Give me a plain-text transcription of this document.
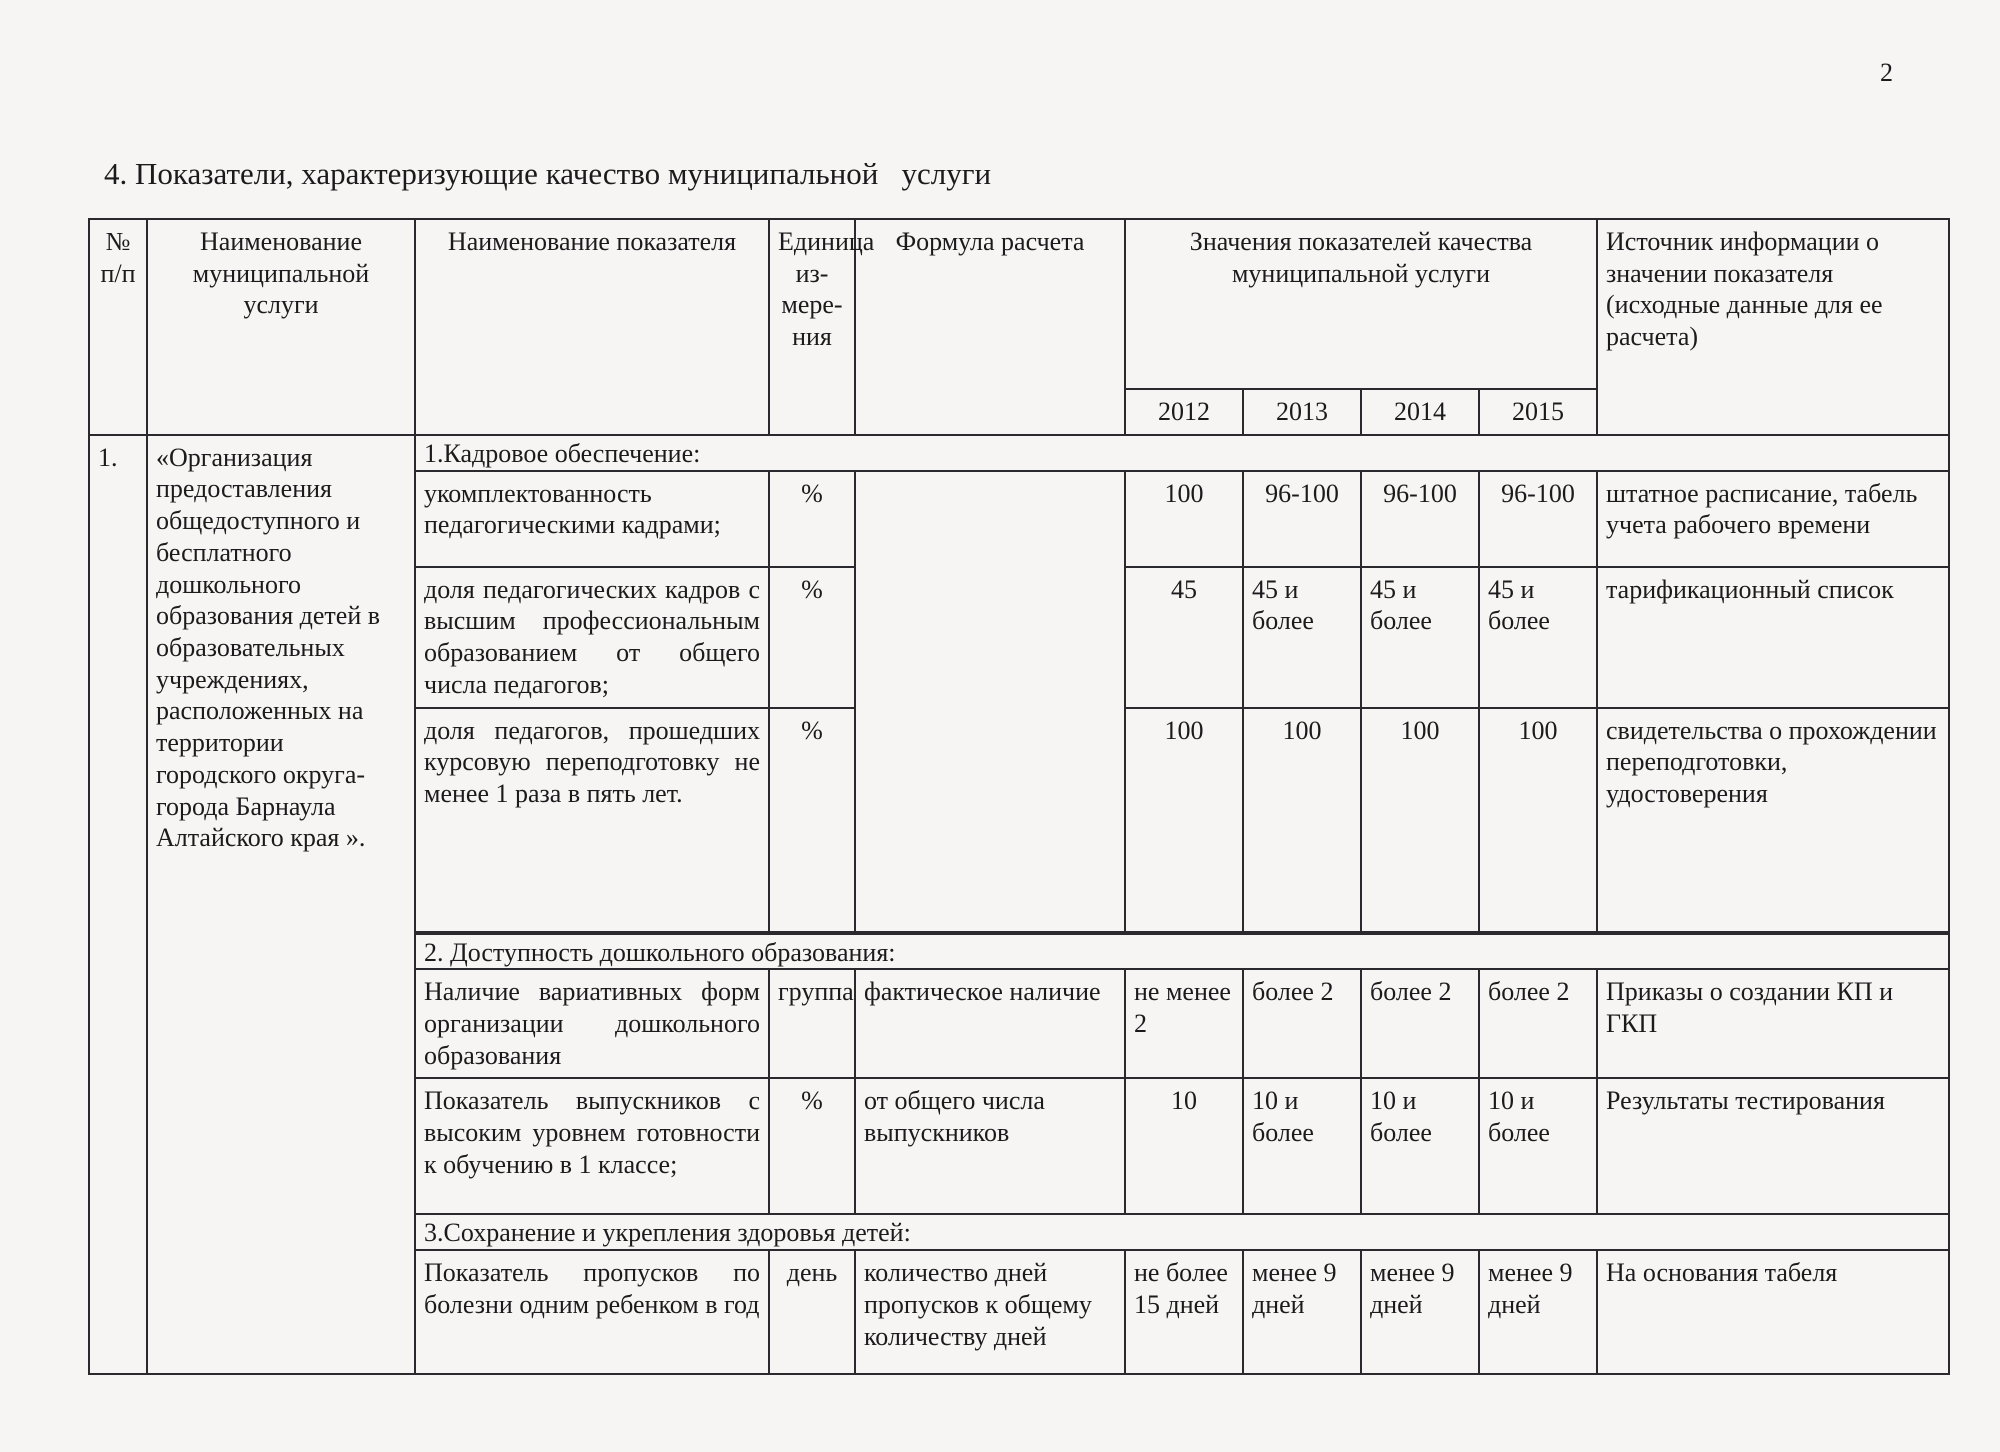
2
4. Показатели, характеризующие качество муниципальной   услуги
№ п/п	Наименование муниципальной услуги	Наименование показателя	Единица из-мере-ния	Формула расчета	Значения показателей качества муниципальной услуги				Источник информации о значении показателя (исходные данные для ее расчета)
					2012	2013	2014	2015	
1.	«Организация предоставления общедоступного и бесплатного дошкольного образования детей в образовательных учреждениях, расположенных на территории городского округа-города Барнаула Алтайского края ».	1.Кадровое обеспечение:							
		укомплектованность педагогическими кадрами;	%		100	96-100	96-100	96-100	штатное расписание, табель учета рабочего времени
		доля педагогических кадров с высшим профессиональным образованием от общего числа педагогов;	%		45	45 и более	45 и более	45 и более	тарификационный список
		доля педагогов, прошедших курсовую переподготовку не менее 1 раза в пять лет.	%		100	100	100	100	свидетельства о прохождении переподготовки, удостоверения

		2. Доступность дошкольного образования:							
		Наличие вариативных форм организации дошкольного образования	группа	фактическое наличие	не менее 2	более 2	более 2	более 2	Приказы о создании КП и ГКП
		Показатель выпускников с высоким уровнем готовности к обучению в 1 классе;	%	от общего числа выпускников	10	10 и более	10 и более	10 и более	Результаты тестирования
		3.Сохранение и укрепления здоровья детей:							
		Показатель пропусков по болезни одним ребенком в год	день	количество дней пропусков к общему количеству дней	не более 15 дней	менее 9 дней	менее 9 дней	менее 9 дней	На основания табеля
